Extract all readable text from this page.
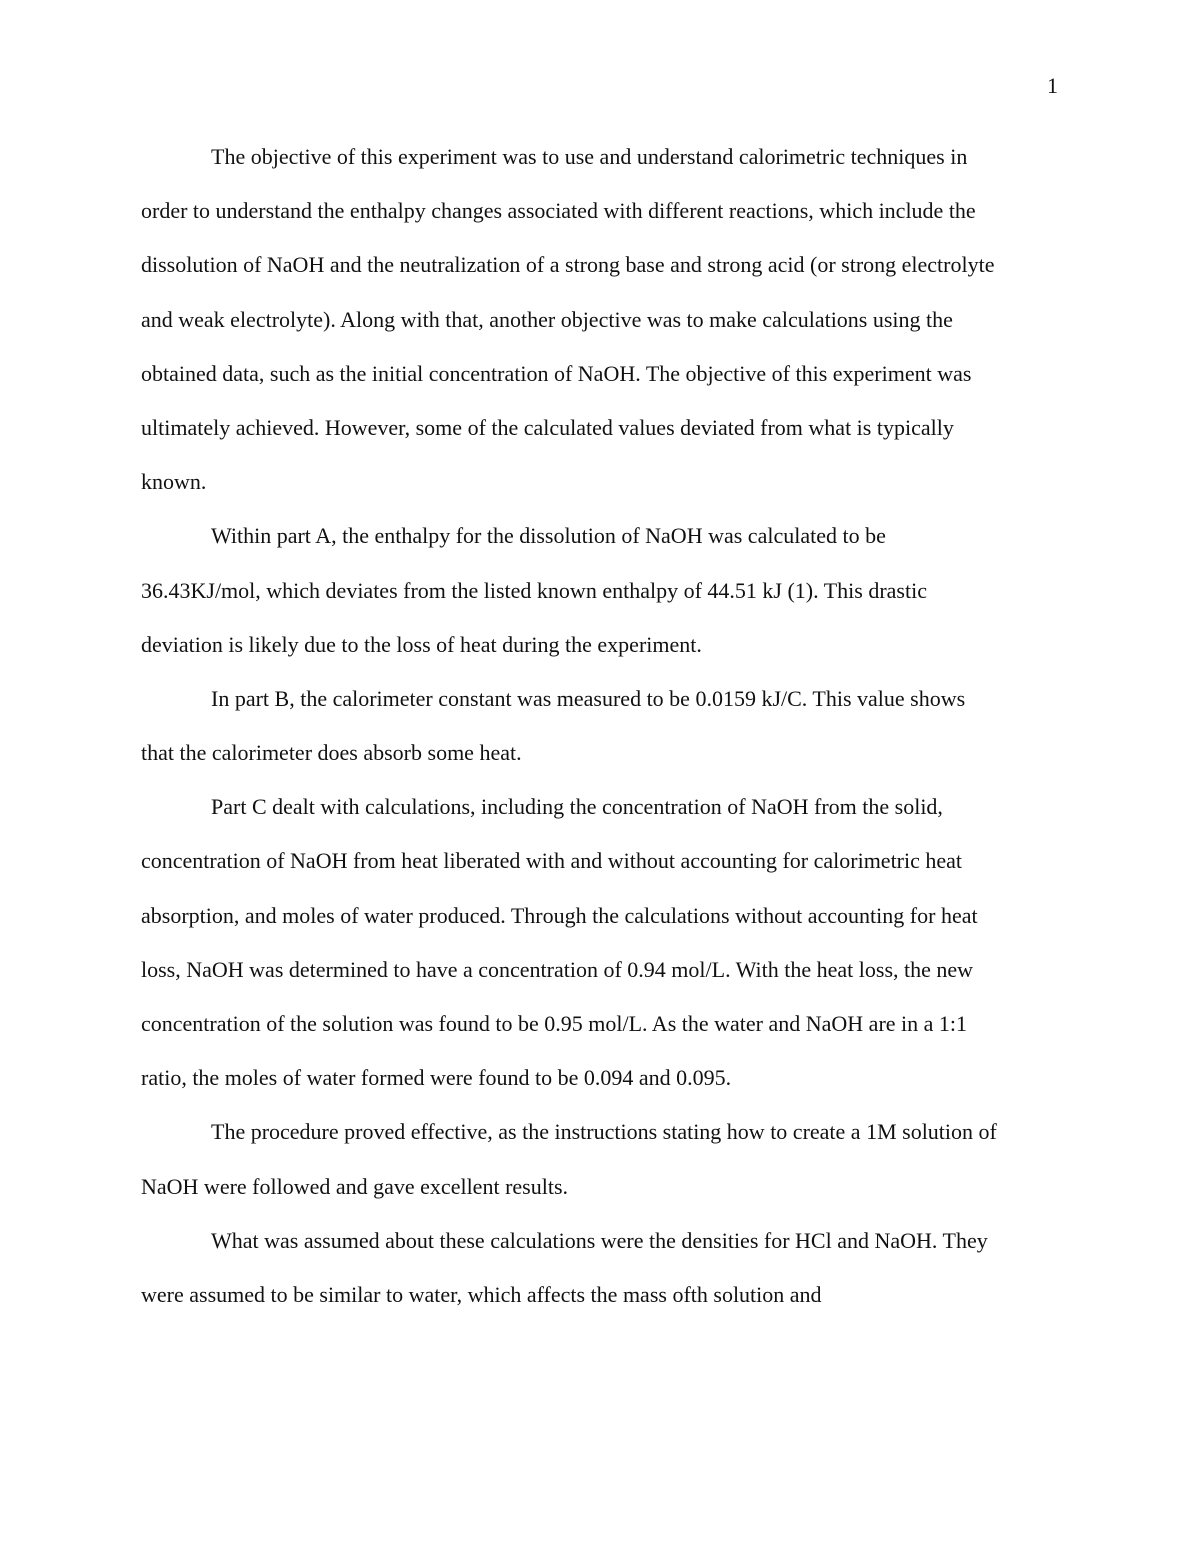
1
The objective of this experiment was to use and understand calorimetric techniques in
order to understand the enthalpy changes associated with different reactions, which include the
dissolution of NaOH and the neutralization of a strong base and strong acid (or strong electrolyte
and weak electrolyte). Along with that, another objective was to make calculations using the
obtained data, such as the initial concentration of NaOH. The objective of this experiment was
ultimately achieved. However, some of the calculated values deviated from what is typically
known.
Within part A, the enthalpy for the dissolution of NaOH was calculated to be
36.43KJ/mol, which deviates from the listed known enthalpy of 44.51 kJ (1). This drastic
deviation is likely due to the loss of heat during the experiment.
In part B, the calorimeter constant was measured to be 0.0159 kJ/C. This value shows
that the calorimeter does absorb some heat.
Part C dealt with calculations, including the concentration of NaOH from the solid,
concentration of NaOH from heat liberated with and without accounting for calorimetric heat
absorption, and moles of water produced. Through the calculations without accounting for heat
loss, NaOH was determined to have a concentration of 0.94 mol/L. With the heat loss, the new
concentration of the solution was found to be 0.95 mol/L. As the water and NaOH are in a 1:1
ratio, the moles of water formed were found to be 0.094 and 0.095.
The procedure proved effective, as the instructions stating how to create a 1M solution of
NaOH were followed and gave excellent results.
What was assumed about these calculations were the densities for HCl and NaOH. They
were assumed to be similar to water, which affects the mass ofth solution and
